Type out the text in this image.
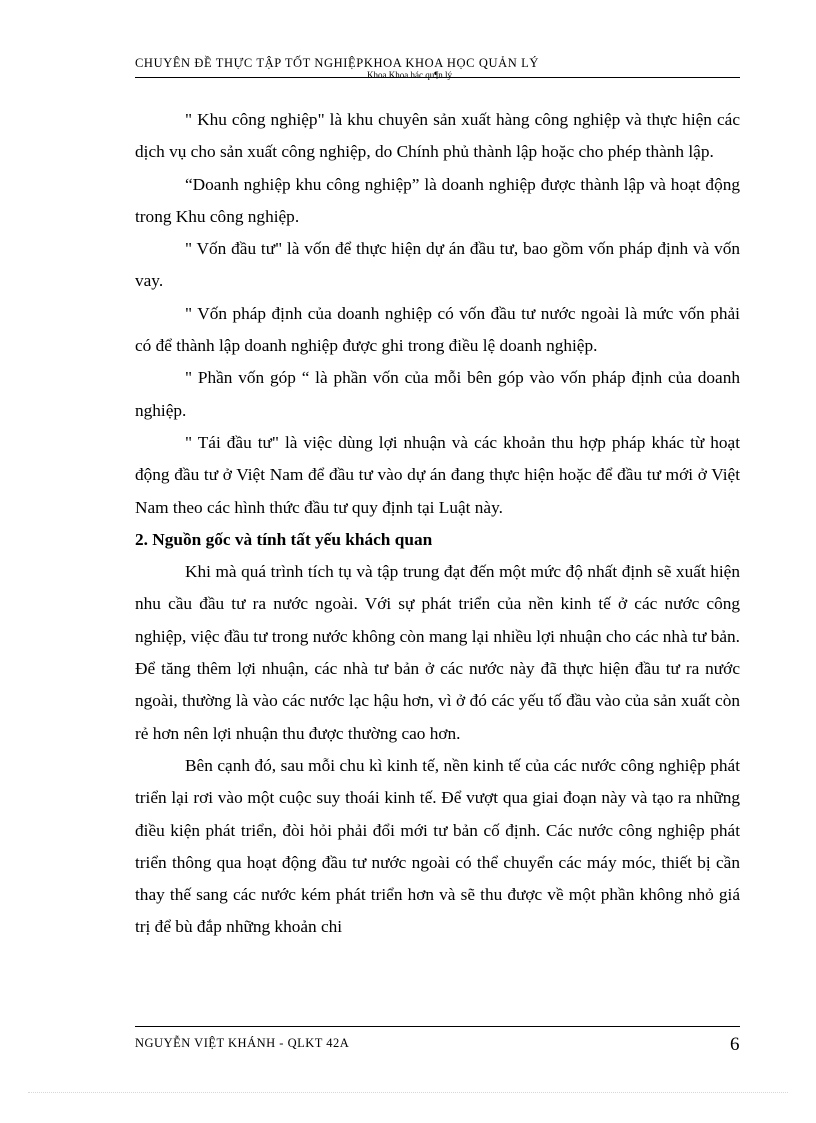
CHUYÊN ĐỀ THỰC TẬP TỐT NGHIỆPKHOA KHOA HỌC QUẢN LÝ
Khoa Khoa hác qu¶n lý

" Khu công nghiệp" là khu chuyên sản xuất hàng công nghiệp và thực hiện các dịch vụ cho sản xuất công nghiệp, do Chính phủ thành lập hoặc cho phép thành lập.

“Doanh nghiệp khu công nghiệp” là doanh nghiệp được thành lập và hoạt động trong Khu công nghiệp.

" Vốn đầu tư" là vốn để thực hiện dự án đầu tư, bao gồm vốn pháp định và vốn vay.

" Vốn pháp định của doanh nghiệp có vốn đầu tư nước ngoài là mức vốn phải có để thành lập doanh nghiệp được ghi trong điều lệ doanh nghiệp.

" Phần vốn góp “ là phần vốn của mỗi bên góp vào vốn pháp định của doanh nghiệp.

" Tái đầu tư" là việc dùng lợi nhuận và các khoản thu hợp pháp khác từ hoạt động đầu tư ở Việt Nam để đầu tư vào dự án đang thực hiện hoặc để đầu tư mới ở Việt Nam theo các hình thức đầu tư quy định tại Luật này.

2. Nguồn gốc và tính tất yếu khách quan

Khi mà quá trình tích tụ và tập trung đạt đến một mức độ nhất định sẽ xuất hiện nhu cầu đầu tư ra nước ngoài. Với sự phát triển của nền kinh tế ở các nước công nghiệp, việc đầu tư trong nước không còn mang lại nhiều lợi nhuận cho các nhà tư bản. Để tăng thêm lợi nhuận, các nhà tư bản ở các nước này đã thực hiện đầu tư ra nước ngoài, thường là vào các nước lạc hậu hơn, vì ở đó các yếu tố đầu vào của sản xuất còn rẻ hơn nên lợi nhuận thu được thường cao hơn.

Bên cạnh đó, sau mỗi chu kì kinh tế, nền kinh tế của các nước công nghiệp phát triển lại rơi vào một cuộc suy thoái kinh tế. Để vượt qua giai đoạn này và tạo ra những điều kiện phát triển, đòi hỏi phải đổi mới tư bản cố định. Các nước công nghiệp phát triển thông qua hoạt động đầu tư nước ngoài có thể chuyển các máy móc, thiết bị cần thay thế sang các nước kém phát triển hơn và sẽ thu được về một phần không nhỏ giá trị để bù đắp những khoản chi

NGUYỄN VIỆT KHÁNH - QLKT 42A	6
